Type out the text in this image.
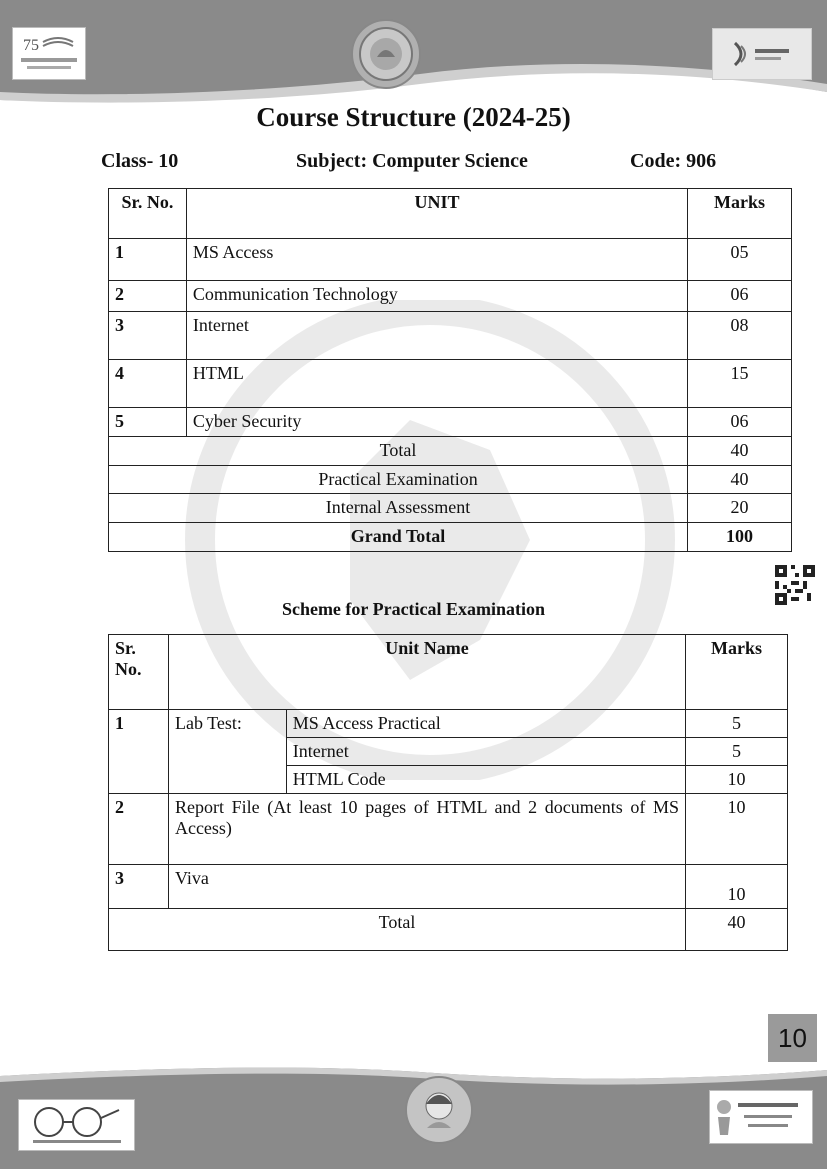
75
Course Structure (2024-25)
Class- 10	Subject: Computer Science	Code: 906
Sr. No.	UNIT	Marks
1	MS Access	05
2	Communication Technology	06
3	Internet	08
4	HTML	15
5	Cyber Security	06
Total		40
Practical Examination		40
Internal Assessment		20
Grand Total		100
Scheme for Practical Examination
Sr.
No.	Unit Name		Marks
1	Lab Test:	MS Access Practical	5
		Internet	5
		HTML Code	10
2	Report File (At least 10 pages of HTML and 2 documents of MS Access)		10
3	Viva		10
Total			40
10
